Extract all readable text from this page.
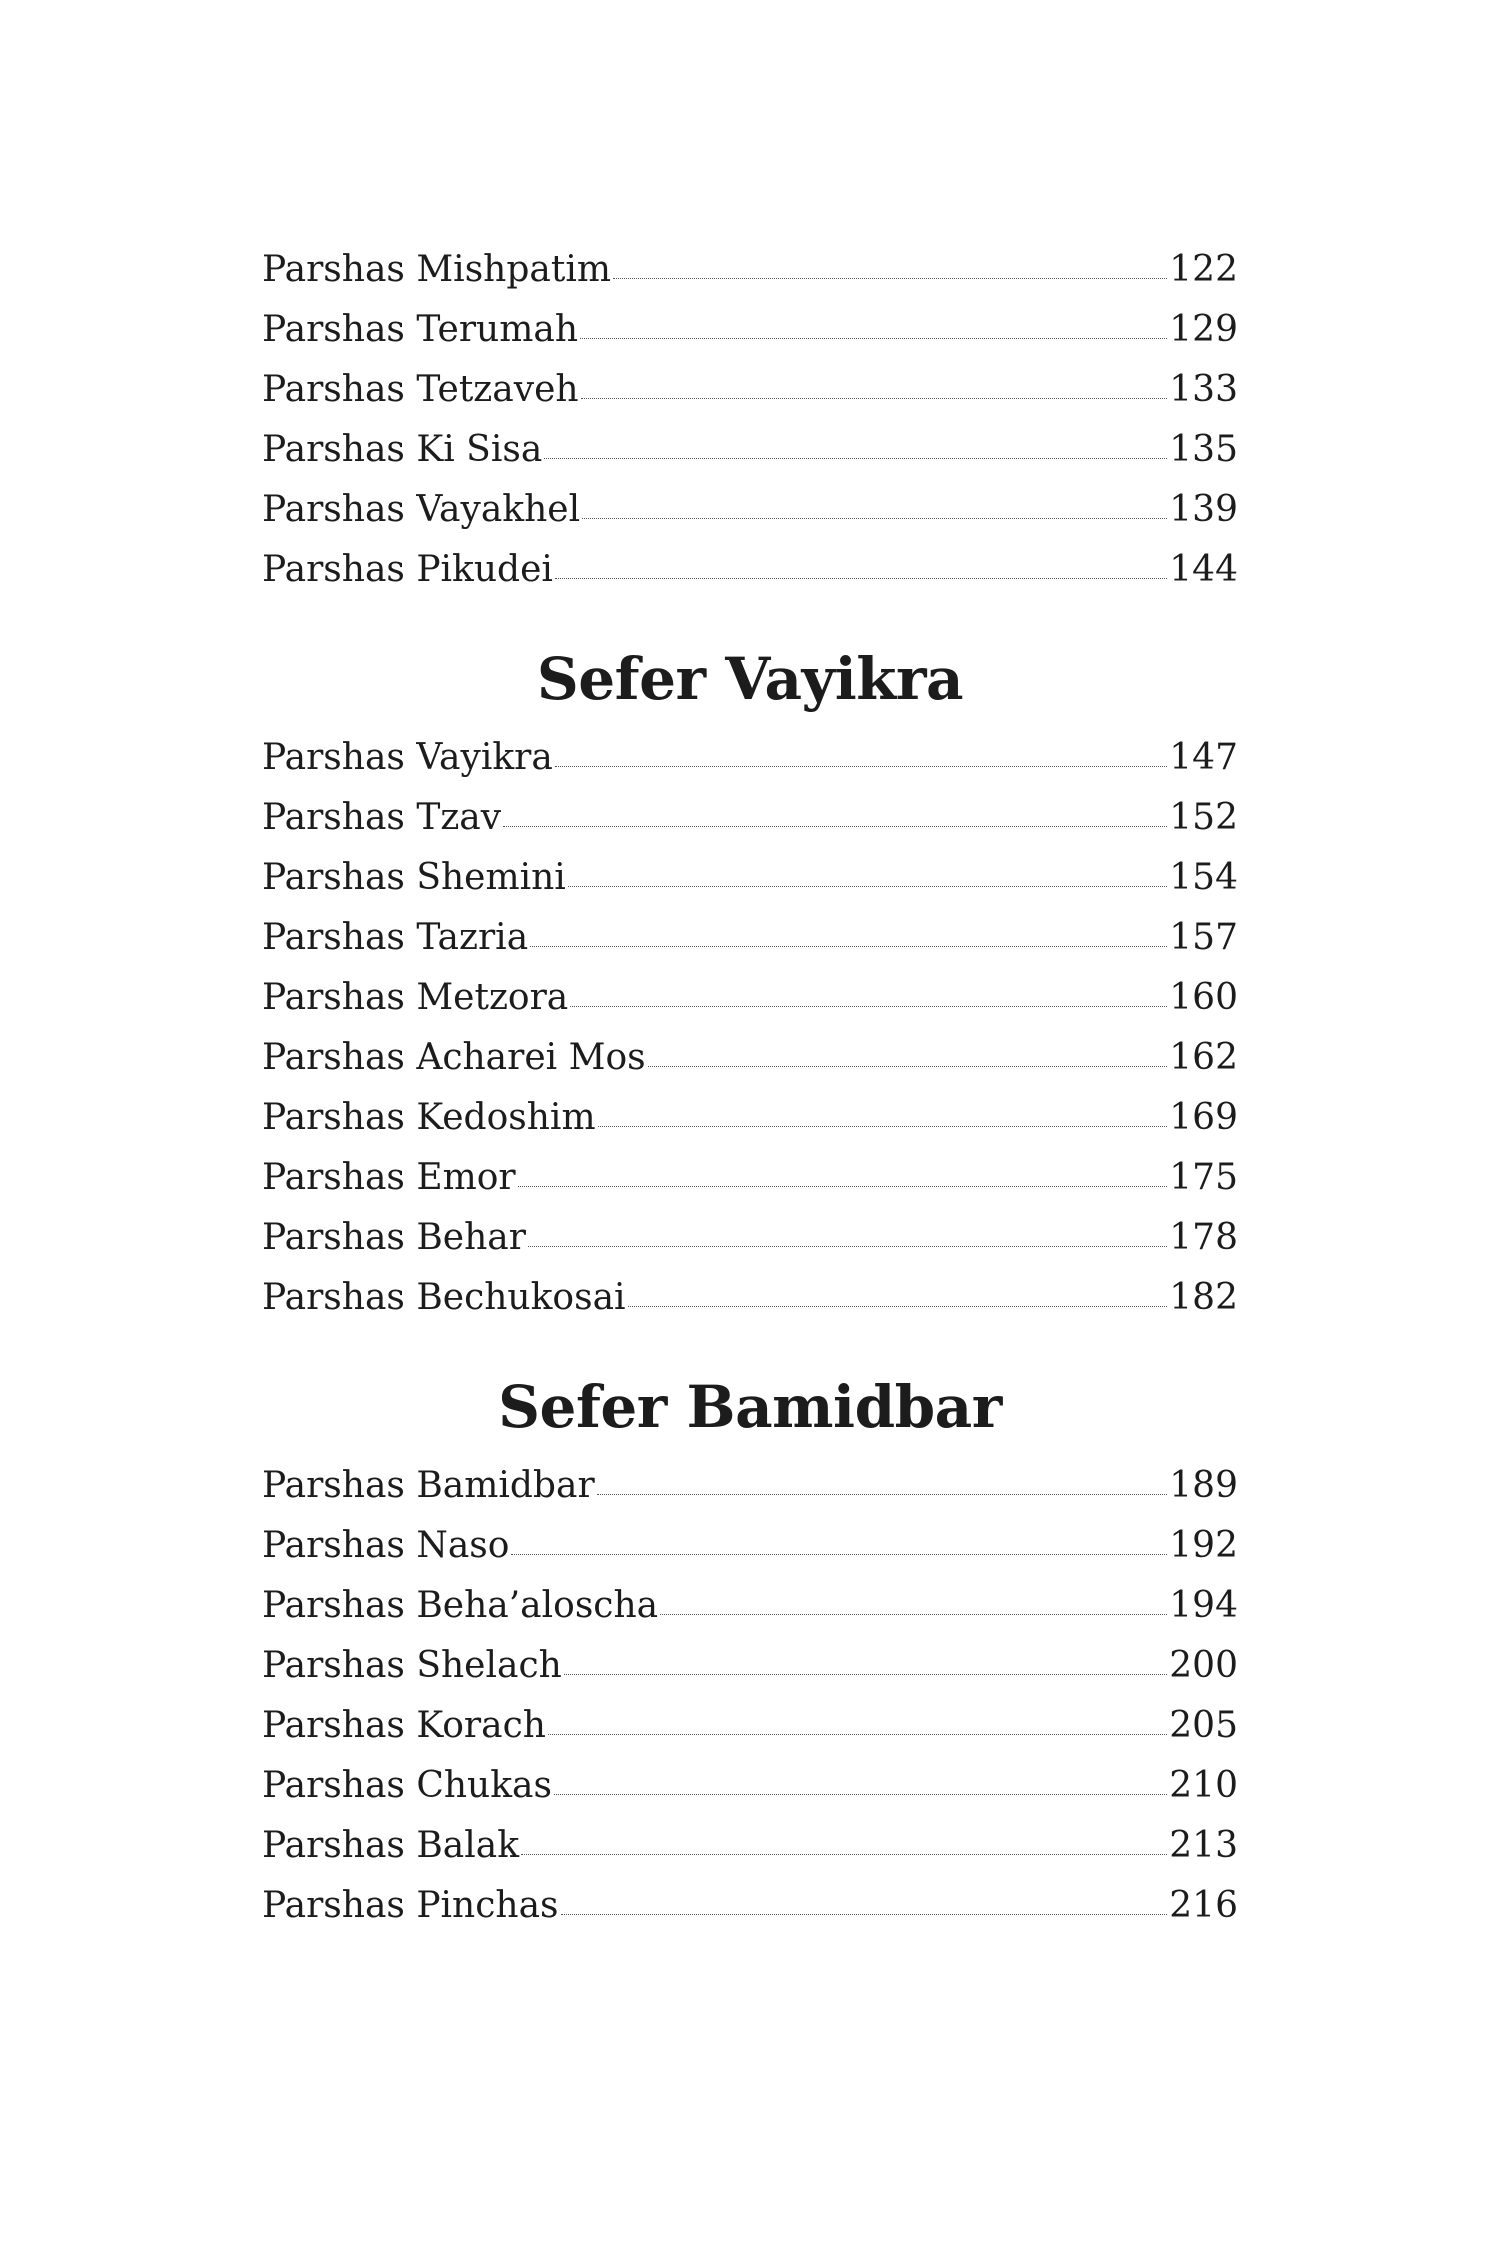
Parshas Mishpatim	122
Parshas Terumah	129
Parshas Tetzaveh	133
Parshas Ki Sisa	135
Parshas Vayakhel	139
Parshas Pikudei	144
Sefer Vayikra
Parshas Vayikra	147
Parshas Tzav	152
Parshas Shemini	154
Parshas Tazria	157
Parshas Metzora	160
Parshas Acharei Mos	162
Parshas Kedoshim	169
Parshas Emor	175
Parshas Behar	178
Parshas Bechukosai	182
Sefer Bamidbar
Parshas Bamidbar	189
Parshas Naso	192
Parshas Beha’aloscha	194
Parshas Shelach	200
Parshas Korach	205
Parshas Chukas	210
Parshas Balak	213
Parshas Pinchas	216
